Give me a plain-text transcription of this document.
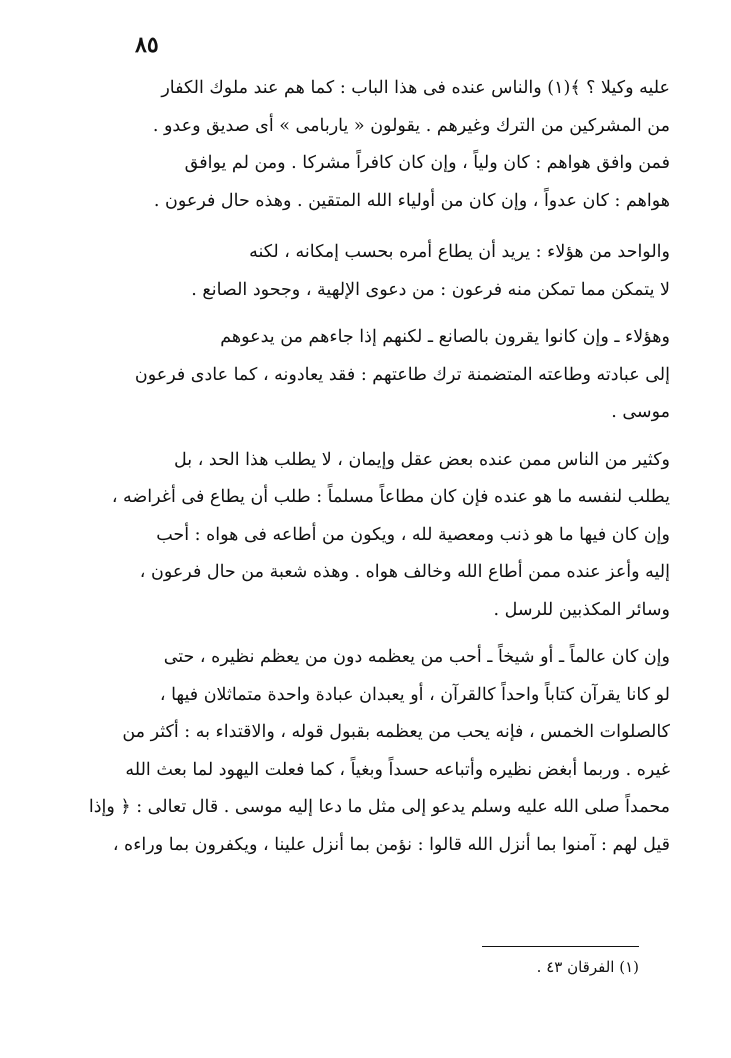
٨٥

عليه وكيلا ؟ ﴾(١) والناس عنده فى هذا الباب : كما هم عند ملوك الكفار
من المشركين من الترك وغيرهم . يقولون « ياربامى » أى صديق وعدو .
فمن وافق هواهم : كان ولياً ، وإن كان كافراً مشركا . ومن لم يوافق
هواهم : كان عدواً ، وإن كان من أولياء الله المتقين . وهذه حال فرعون .

والواحد من هؤلاء : يريد أن يطاع أمره بحسب إمكانه ، لكنه
لا يتمكن مما تمكن منه فرعون : من دعوى الإلهية ، وجحود الصانع .

وهؤلاء ـ وإن كانوا يقرون بالصانع ـ لكنهم إذا جاءهم من يدعوهم
إلى عبادته وطاعته المتضمنة ترك طاعتهم : فقد يعادونه ، كما عادى فرعون
موسى .

وكثير من الناس ممن عنده بعض عقل وإيمان ، لا يطلب هذا الحد ، بل
يطلب لنفسه ما هو عنده فإن كان مطاعاً مسلماً : طلب أن يطاع فى أغراضه ،
وإن كان فيها ما هو ذنب ومعصية لله ، ويكون من أطاعه فى هواه : أحب
إليه وأعز عنده ممن أطاع الله وخالف هواه . وهذه شعبة من حال فرعون ،
وسائر المكذبين للرسل .

وإن كان عالماً ـ أو شيخاً ـ أحب من يعظمه دون من يعظم نظيره ، حتى
لو كانا يقرآن كتاباً واحداً كالقرآن ، أو يعبدان عبادة واحدة متماثلان فيها ،
كالصلوات الخمس ، فإنه يحب من يعظمه بقبول قوله ، والاقتداء به : أكثر من
غيره . وربما أبغض نظيره وأتباعه حسداً وبغياً ، كما فعلت اليهود لما بعث الله
محمداً صلى الله عليه وسلم يدعو إلى مثل ما دعا إليه موسى . قال تعالى : ﴿ وإذا
قيل لهم : آمنوا بما أنزل الله قالوا : نؤمن بما أنزل علينا ، ويكفرون بما وراءه ،

(١) الفرقان ٤٣ .
